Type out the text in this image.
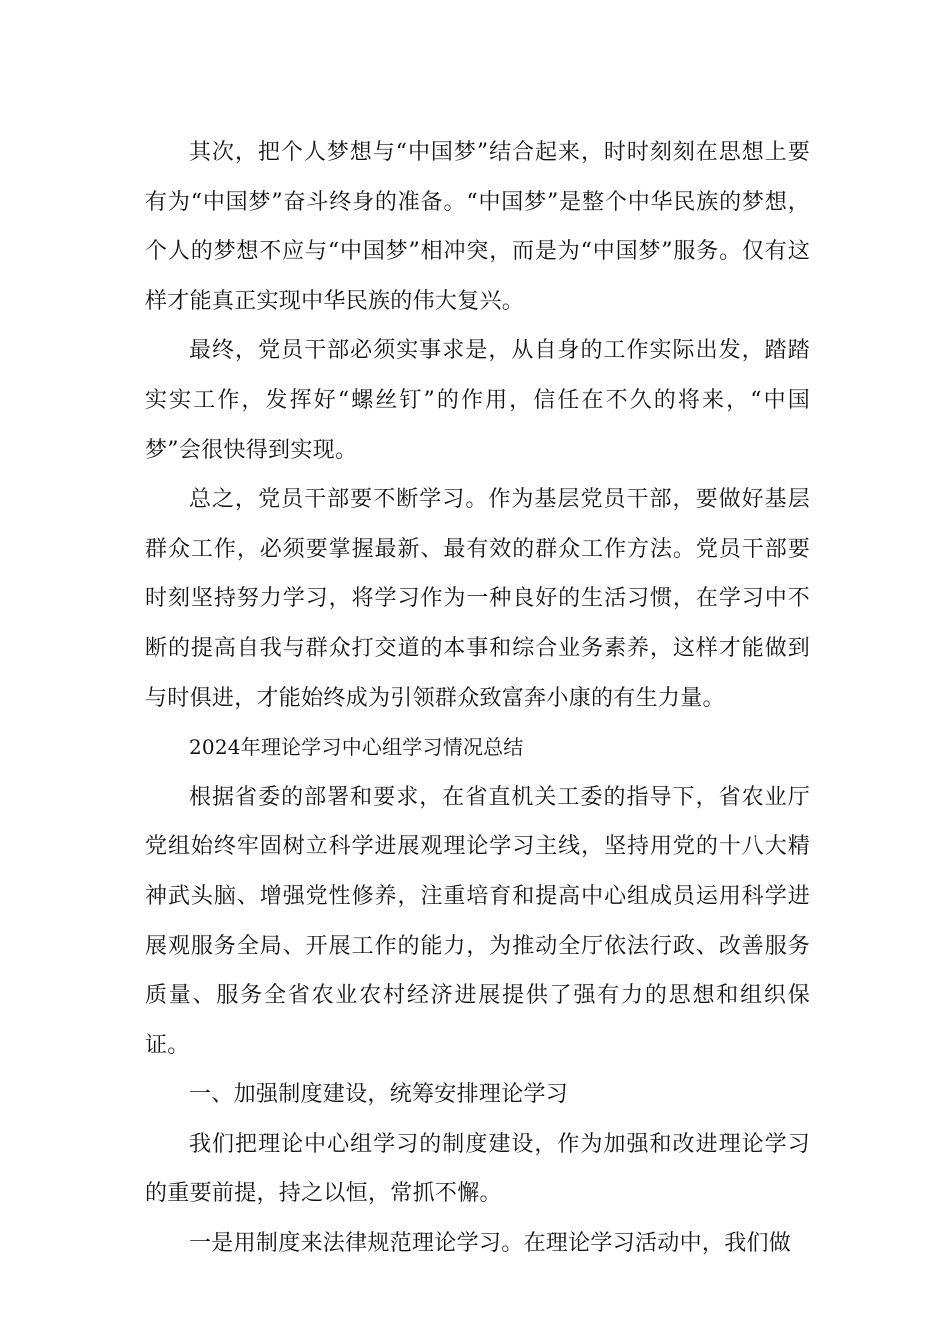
其次，把个人梦想与“中国梦”结合起来，时时刻刻在思想上要有为“中国梦”奋斗终身的准备。“中国梦”是整个中华民族的梦想，个人的梦想不应与“中国梦”相冲突，而是为“中国梦”服务。仅有这样才能真正实现中华民族的伟大复兴。

最终，党员干部必须实事求是，从自身的工作实际出发，踏踏实实工作，发挥好“螺丝钉”的作用，信任在不久的将来，“中国梦”会很快得到实现。

总之，党员干部要不断学习。作为基层党员干部，要做好基层群众工作，必须要掌握最新、最有效的群众工作方法。党员干部要时刻坚持努力学习，将学习作为一种良好的生活习惯，在学习中不断的提高自我与群众打交道的本事和综合业务素养，这样才能做到与时俱进，才能始终成为引领群众致富奔小康的有生力量。

2024年理论学习中心组学习情况总结

根据省委的部署和要求，在省直机关工委的指导下，省农业厅党组始终牢固树立科学进展观理论学习主线，坚持用党的十八大精神武头脑、增强党性修养，注重培育和提高中心组成员运用科学进展观服务全局、开展工作的能力，为推动全厅依法行政、改善服务质量、服务全省农业农村经济进展提供了强有力的思想和组织保证。

一、加强制度建设，统筹安排理论学习

我们把理论中心组学习的制度建设，作为加强和改进理论学习的重要前提，持之以恒，常抓不懈。

一是用制度来法律规范理论学习。在理论学习活动中，我们做
